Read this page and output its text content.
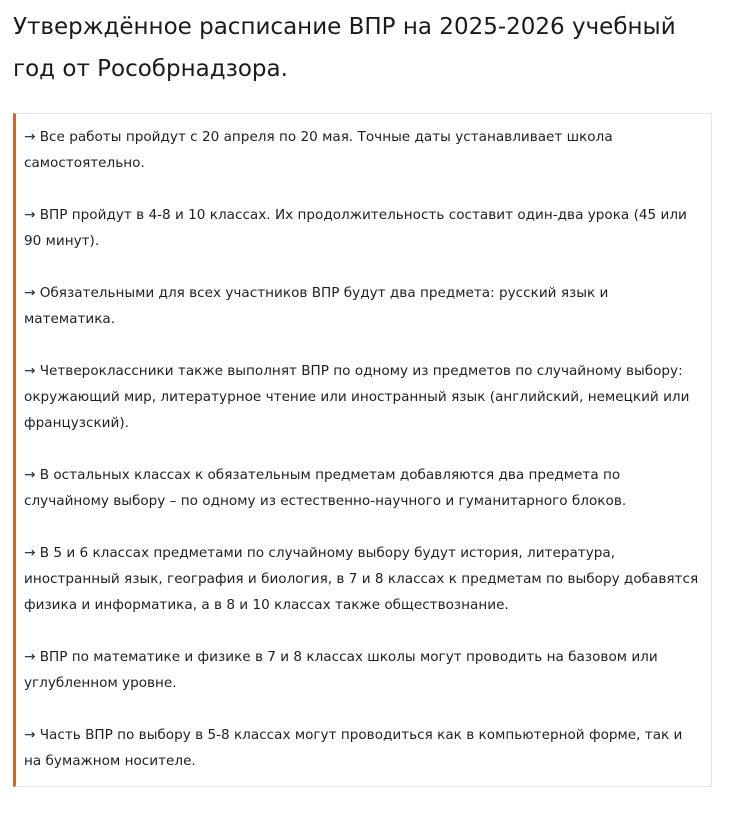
Утверждённое расписание ВПР на 2025-2026 учебный год от Рособрнадзора.

→ Все работы пройдут с 20 апреля по 20 мая. Точные даты устанавливает школа самостоятельно.

→ ВПР пройдут в 4-8 и 10 классах. Их продолжительность составит один-два урока (45 или 90 минут).

→ Обязательными для всех участников ВПР будут два предмета: русский язык и математика.

→ Четвероклассники также выполнят ВПР по одному из предметов по случайному выбору: окружающий мир, литературное чтение или иностранный язык (английский, немецкий или французский).

→ В остальных классах к обязательным предметам добавляются два предмета по случайному выбору – по одному из естественно-научного и гуманитарного блоков.

→ В 5 и 6 классах предметами по случайному выбору будут история, литература, иностранный язык, география и биология, в 7 и 8 классах к предметам по выбору добавятся физика и информатика, а в 8 и 10 классах также обществознание.

→ ВПР по математике и физике в 7 и 8 классах школы могут проводить на базовом или углубленном уровне.

→ Часть ВПР по выбору в 5-8 классах могут проводиться как в компьютерной форме, так и на бумажном носителе.
